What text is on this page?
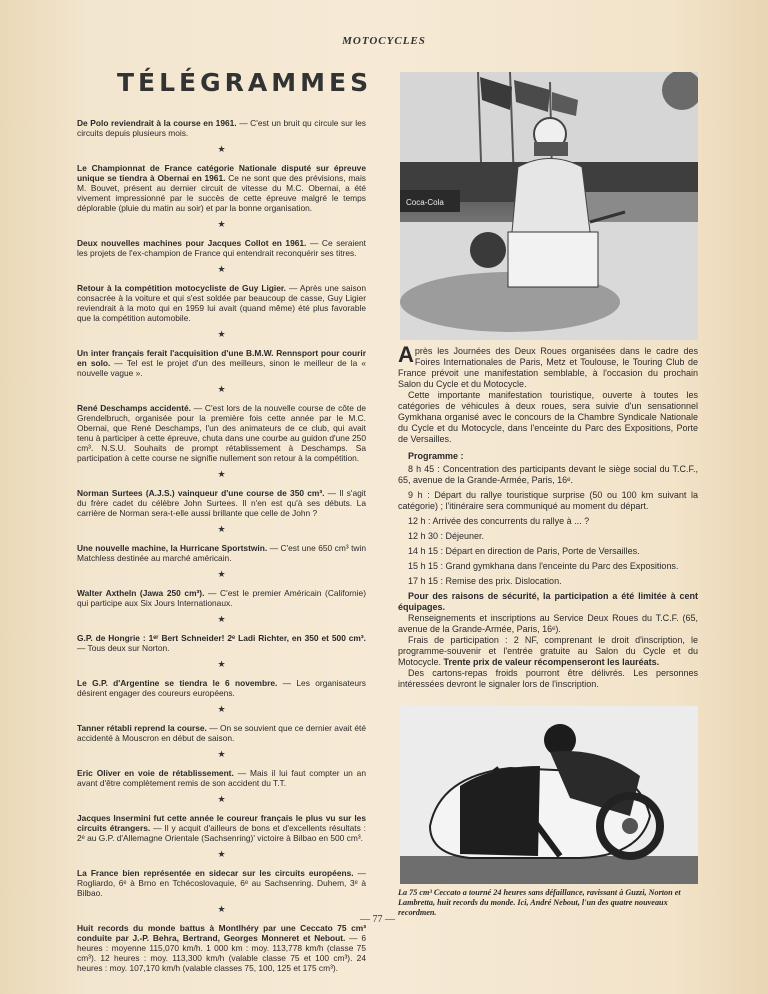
MOTOCYCLES
TÉLÉGRAMMES

De Polo reviendrait à la course en 1961. — C'est un bruit qu circule sur les circuits depuis plusieurs mois.

★

Le Championnat de France catégorie Nationale disputé sur épreuve unique se tiendra à Obernai en 1961. Ce ne sont que des prévisions, mais M. Bouvet, présent au dernier circuit de vitesse du M.C. Obernai, a été vivement impressionné par le succès de cette épreuve malgré le temps déplorable (pluie du matin au soir) et par la bonne organisation.

★

Deux nouvelles machines pour Jacques Collot en 1961. — Ce seraient les projets de l'ex-champion de France qui entendrait reconquérir ses titres.

★

Retour à la compétition motocycliste de Guy Ligier. — Après une saison consacrée à la voiture et qui s'est soldée par beaucoup de casse, Guy Ligier reviendrait à la moto qui en 1959 lui avait (quand même) été plus favorable que la compétition automobile.

★

Un inter français ferait l'acquisition d'une B.M.W. Rennsport pour courir en solo. — Tel est le projet d'un des meilleurs, sinon le meilleur de la « nouvelle vague ».

★

René Deschamps accidenté. — C'est lors de la nouvelle course de côte de Grendelbruch, organisée pour la première fois cette année par le M.C. Obernai, que René Deschamps, l'un des animateurs de ce club, qui avait tenu à participer à cette épreuve, chuta dans une courbe au guidon d'une 250 cm³. N.S.U. Souhaits de prompt rétablissement à Deschamps. Sa participation à cette course ne signifie nullement son retour à la compétition.

★

Norman Surtees (A.J.S.) vainqueur d'une course de 350 cm³. — Il s'agit du frère cadet du célèbre John Surtees. Il n'en est qu'à ses débuts. La carrière de Norman sera-t-elle aussi brillante que celle de John ?

★

Une nouvelle machine, la Hurricane Sportstwin. — C'est une 650 cm³ twin Matchless destinée au marché américain.

★

Walter Axtheln (Jawa 250 cm³). — C'est le premier Américain (Californie) qui participe aux Six Jours Internationaux.

★

G.P. de Hongrie : 1ᵉʳ Bert Schneider! 2ᵉ Ladi Richter, en 350 et 500 cm³. — Tous deux sur Norton.

★

Le G.P. d'Argentine se tiendra le 6 novembre. — Les organisateurs désirent engager des coureurs européens.

★

Tanner rétabli reprend la course. — On se souvient que ce dernier avait été accidenté à Mouscron en début de saison.

★

Eric Oliver en voie de rétablissement. — Mais il lui faut compter un an avant d'être complètement remis de son accident du T.T.

★

Jacques Insermini fut cette année le coureur français le plus vu sur les circuits étrangers. — Il y acquit d'ailleurs de bons et d'excellents résultats : 2ᵉ au G.P. d'Allemagne Orientale (Sachsenring)' victoire à Bilbao en 500 cm³.

★

La France bien représentée en sidecar sur les circuits européens. — Rogliardo, 6ᵉ à Brno en Tchécoslovaquie, 6ᵉ au Sachsenring. Duhem, 3ᵉ à Bilbao.

★

Huit records du monde battus à Montlhéry par une Ceccato 75 cm³ conduite par J.-P. Behra, Bertrand, Georges Monneret et Nebout. — 6 heures : moyenne 115,070 km/h. 1 000 km : moy. 113,778 km/h (classe 75 cm³). 12 heures : moy. 113,300 km/h (valable classe 75 et 100 cm³). 24 heures : moy. 107,170 km/h (valable classes 75, 100, 125 et 175 cm³).

Coca-Cola

Après les Journées des Deux Roues organisées dans le cadre des Foires Internationales de Paris, Metz et Toulouse, le Touring Club de France prévoit une manifestation semblable, à l'occasion du prochain Salon du Cycle et du Motocycle.

Cette importante manifestation touristique, ouverte à toutes les catégories de véhicules à deux roues, sera suivie d'un sensationnel Gymkhana organisé avec le concours de la Chambre Syndicale Nationale du Cycle et du Motocycle, dans l'enceinte du Parc des Expositions, Porte de Versailles.

Programme :

8 h 45 : Concentration des participants devant le siège social du T.C.F., 65, avenue de la Grande-Armée, Paris, 16ᵉ.

9 h : Départ du rallye touristique surprise (50 ou 100 km suivant la catégorie) ; l'itinéraire sera communiqué au moment du départ.

12 h : Arrivée des concurrents du rallye à ... ?

12 h 30 : Déjeuner.

14 h 15 : Départ en direction de Paris, Porte de Versailles.

15 h 15 : Grand gymkhana dans l'enceinte du Parc des Expositions.

17 h 15 : Remise des prix. Dislocation.

Pour des raisons de sécurité, la participation a été limitée à cent équipages.

Renseignements et inscriptions au Service Deux Roues du T.C.F. (65, avenue de la Grande-Armée, Paris, 16ᵉ).

Frais de participation : 2 NF, comprenant le droit d'inscription, le programme-souvenir et l'entrée gratuite au Salon du Cycle et du Motocycle. Trente prix de valeur récompenseront les lauréats.

Des cartons-repas froids pourront être délivrés. Les personnes intéressées devront le signaler lors de l'inscription.

La 75 cm³ Ceccato a tourné 24 heures sans défaillance, ravissant à Guzzi, Norton et Lambretta, huit records du monde. Ici, André Nebout, l'un des quatre nouveaux recordmen.
— 77 —
